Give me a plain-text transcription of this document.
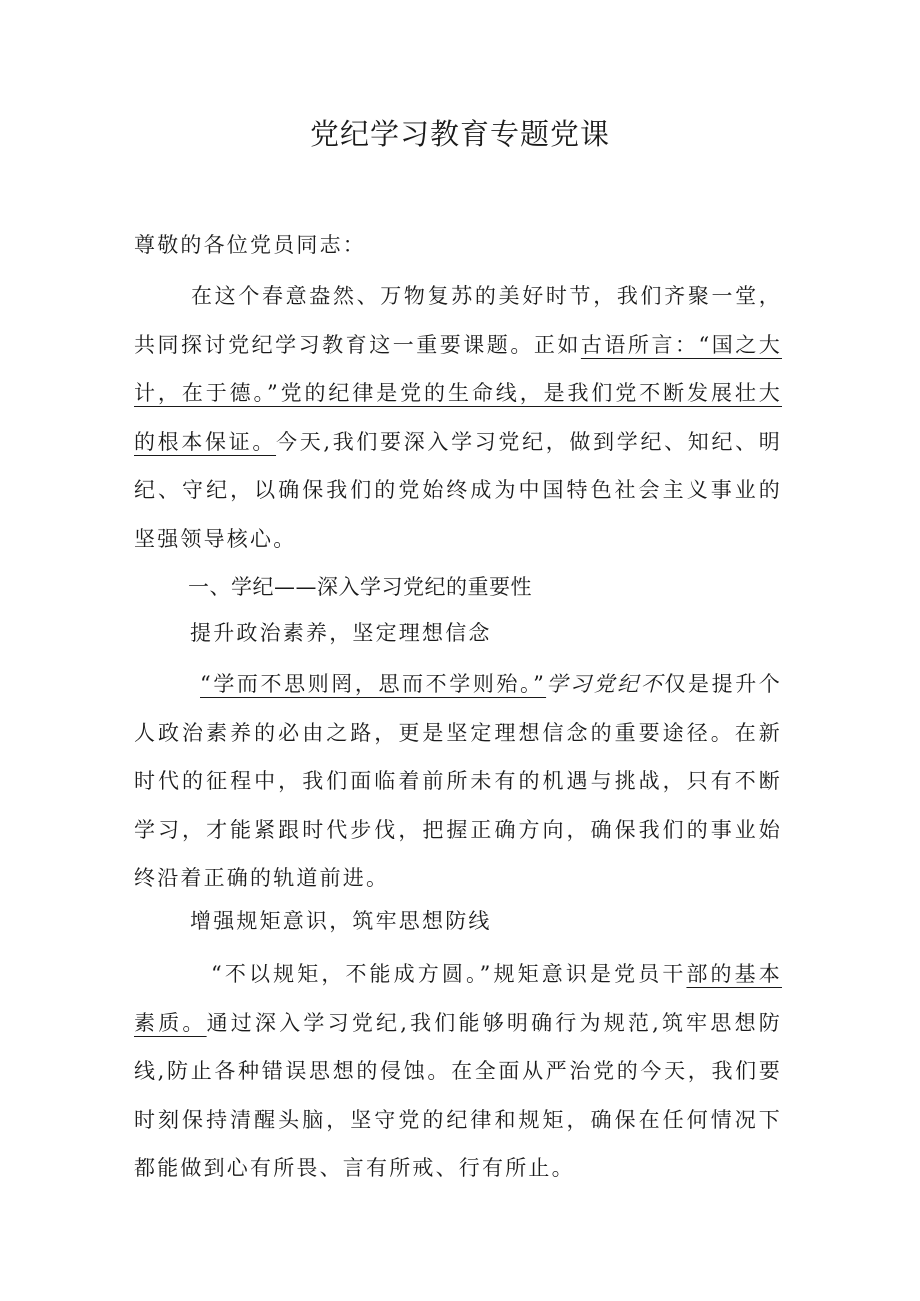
党纪学习教育专题党课

尊敬的各位党员同志：

在这个春意盎然、万物复苏的美好时节，我们齐聚一堂，共同探讨党纪学习教育这一重要课题。正如古语所言：“国之大计，在于德。”党的纪律是党的生命线，是我们党不断发展壮大的根本保证。今天,我们要深入学习党纪，做到学纪、知纪、明纪、守纪，以确保我们的党始终成为中国特色社会主义事业的坚强领导核心。

一、学纪——深入学习党纪的重要性
提升政治素养，坚定理想信念

“学而不思则罔，思而不学则殆。”学习党纪不仅是提升个人政治素养的必由之路，更是坚定理想信念的重要途径。在新时代的征程中，我们面临着前所未有的机遇与挑战，只有不断学习，才能紧跟时代步伐，把握正确方向，确保我们的事业始终沿着正确的轨道前进。

增强规矩意识，筑牢思想防线

“不以规矩，不能成方圆。”规矩意识是党员干部的基本素质。通过深入学习党纪,我们能够明确行为规范,筑牢思想防线,防止各种错误思想的侵蚀。在全面从严治党的今天，我们要时刻保持清醒头脑，坚守党的纪律和规矩，确保在任何情况下都能做到心有所畏、言有所戒、行有所止。
